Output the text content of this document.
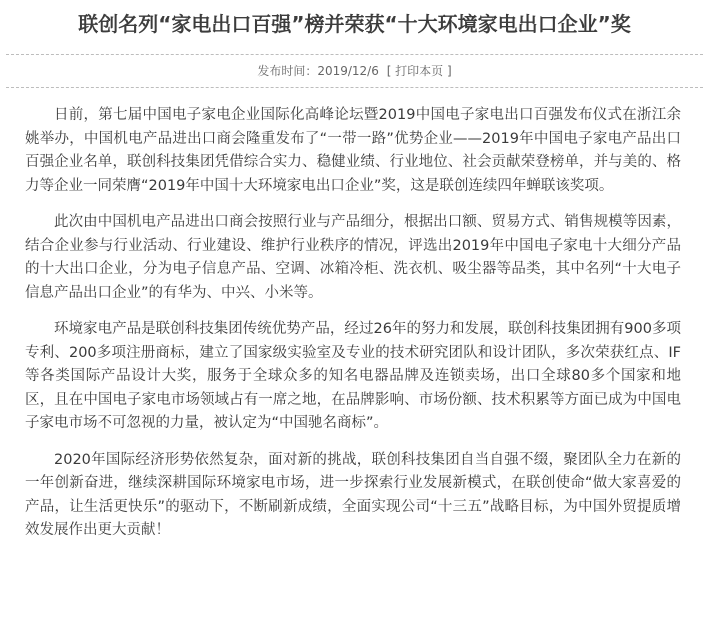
联创名列“家电出口百强”榜并荣获“十大环境家电出口企业”奖
发布时间：2019/12/6 [ 打印本页 ]

日前，第七届中国电子家电企业国际化高峰论坛暨2019中国电子家电出口百强发布仪式在浙江余姚举办，中国机电产品进出口商会隆重发布了“一带一路”优势企业——2019年中国电子家电产品出口百强企业名单，联创科技集团凭借综合实力、稳健业绩、行业地位、社会贡献荣登榜单，并与美的、格力等企业一同荣膺“2019年中国十大环境家电出口企业”奖，这是联创连续四年蝉联该奖项。

此次由中国机电产品进出口商会按照行业与产品细分，根据出口额、贸易方式、销售规模等因素，结合企业参与行业活动、行业建设、维护行业秩序的情况，评选出2019年中国电子家电十大细分产品的十大出口企业，分为电子信息产品、空调、冰箱冷柜、洗衣机、吸尘器等品类，其中名列“十大电子信息产品出口企业”的有华为、中兴、小米等。

环境家电产品是联创科技集团传统优势产品，经过26年的努力和发展，联创科技集团拥有900多项专利、200多项注册商标，建立了国家级实验室及专业的技术研究团队和设计团队，多次荣获红点、IF等各类国际产品设计大奖，服务于全球众多的知名电器品牌及连锁卖场，出口全球80多个国家和地区，且在中国电子家电市场领域占有一席之地，在品牌影响、市场份额、技术积累等方面已成为中国电子家电市场不可忽视的力量，被认定为“中国驰名商标”。

2020年国际经济形势依然复杂，面对新的挑战，联创科技集团自当自强不缀，聚团队全力在新的一年创新奋进，继续深耕国际环境家电市场，进一步探索行业发展新模式，在联创使命“做大家喜爱的产品，让生活更快乐”的驱动下，不断刷新成绩，全面实现公司“十三五”战略目标，为中国外贸提质增效发展作出更大贡献！
